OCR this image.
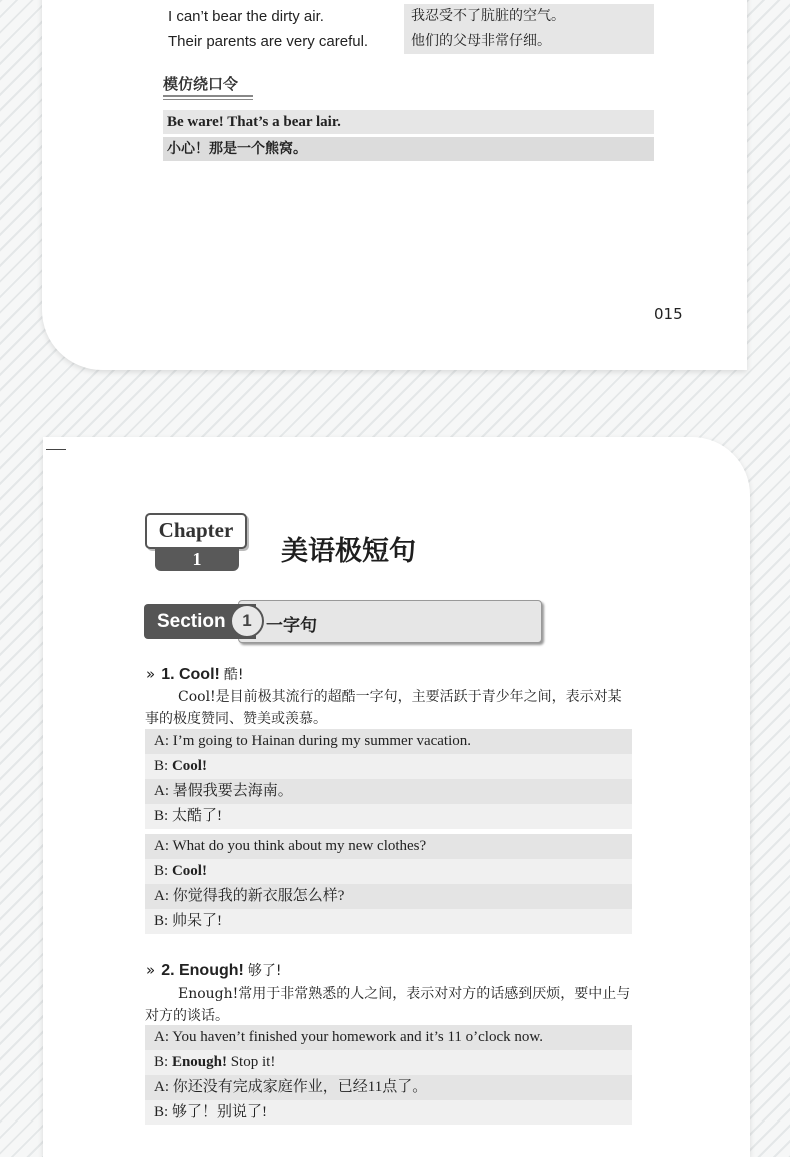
I can’t bear the dirty air.	我忍受不了肮脏的空气。
Their parents are very careful.	他们的父母非常仔细。
模仿绕口令
Be ware! That’s a bear lair.
小心！那是一个熊窝。
015
Chapter
1	美语极短句
Section 1 一字句
» 1. Cool! 酷!
Cool!是目前极其流行的超酷一字句，主要活跃于青少年之间，表示对某事的极度赞同、赞美或羡慕。
A: I’m going to Hainan during my summer vacation.
B: Cool!
A: 暑假我要去海南。
B: 太酷了!
A: What do you think about my new clothes?
B: Cool!
A: 你觉得我的新衣服怎么样?
B: 帅呆了!
» 2. Enough! 够了!
Enough!常用于非常熟悉的人之间，表示对对方的话感到厌烦，要中止与对方的谈话。
A: You haven’t finished your homework and it’s 11 o’clock now.
B: Enough! Stop it!
A: 你还没有完成家庭作业，已经11点了。
B: 够了！别说了!
